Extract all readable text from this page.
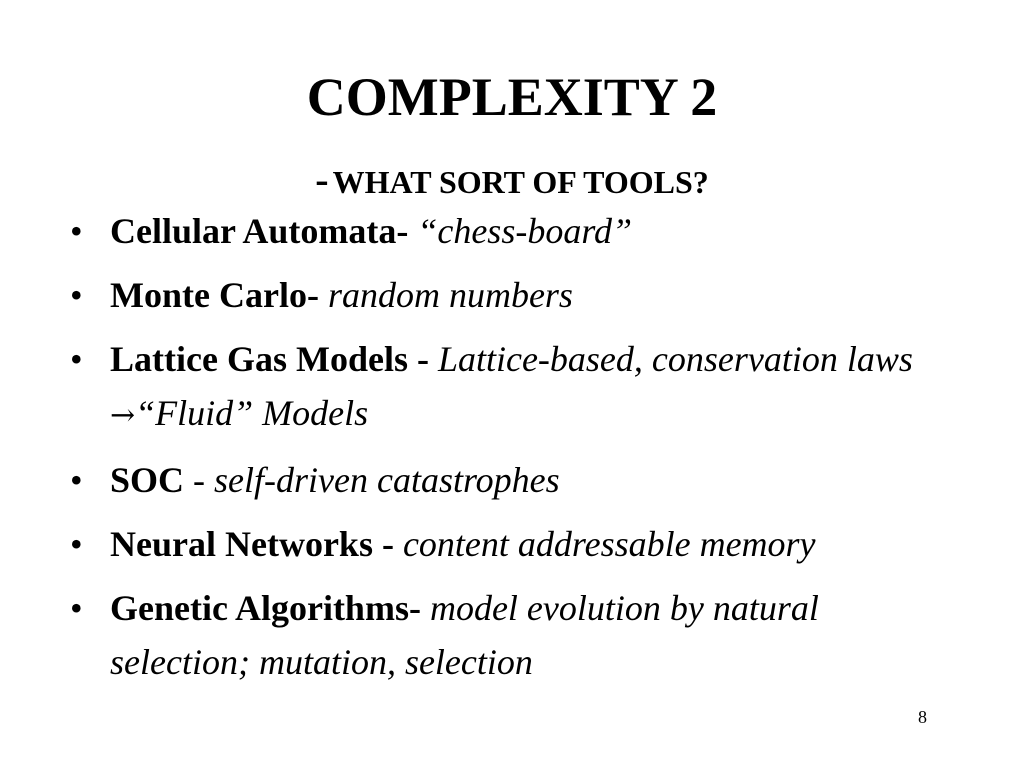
COMPLEXITY 2
- WHAT SORT OF TOOLS?
• Cellular Automata- “chess-board”
• Monte Carlo- random numbers
• Lattice Gas Models - Lattice-based, conservation laws →“Fluid” Models
• SOC - self-driven catastrophes
• Neural Networks - content addressable memory
• Genetic Algorithms- model evolution by natural selection; mutation, selection
8
